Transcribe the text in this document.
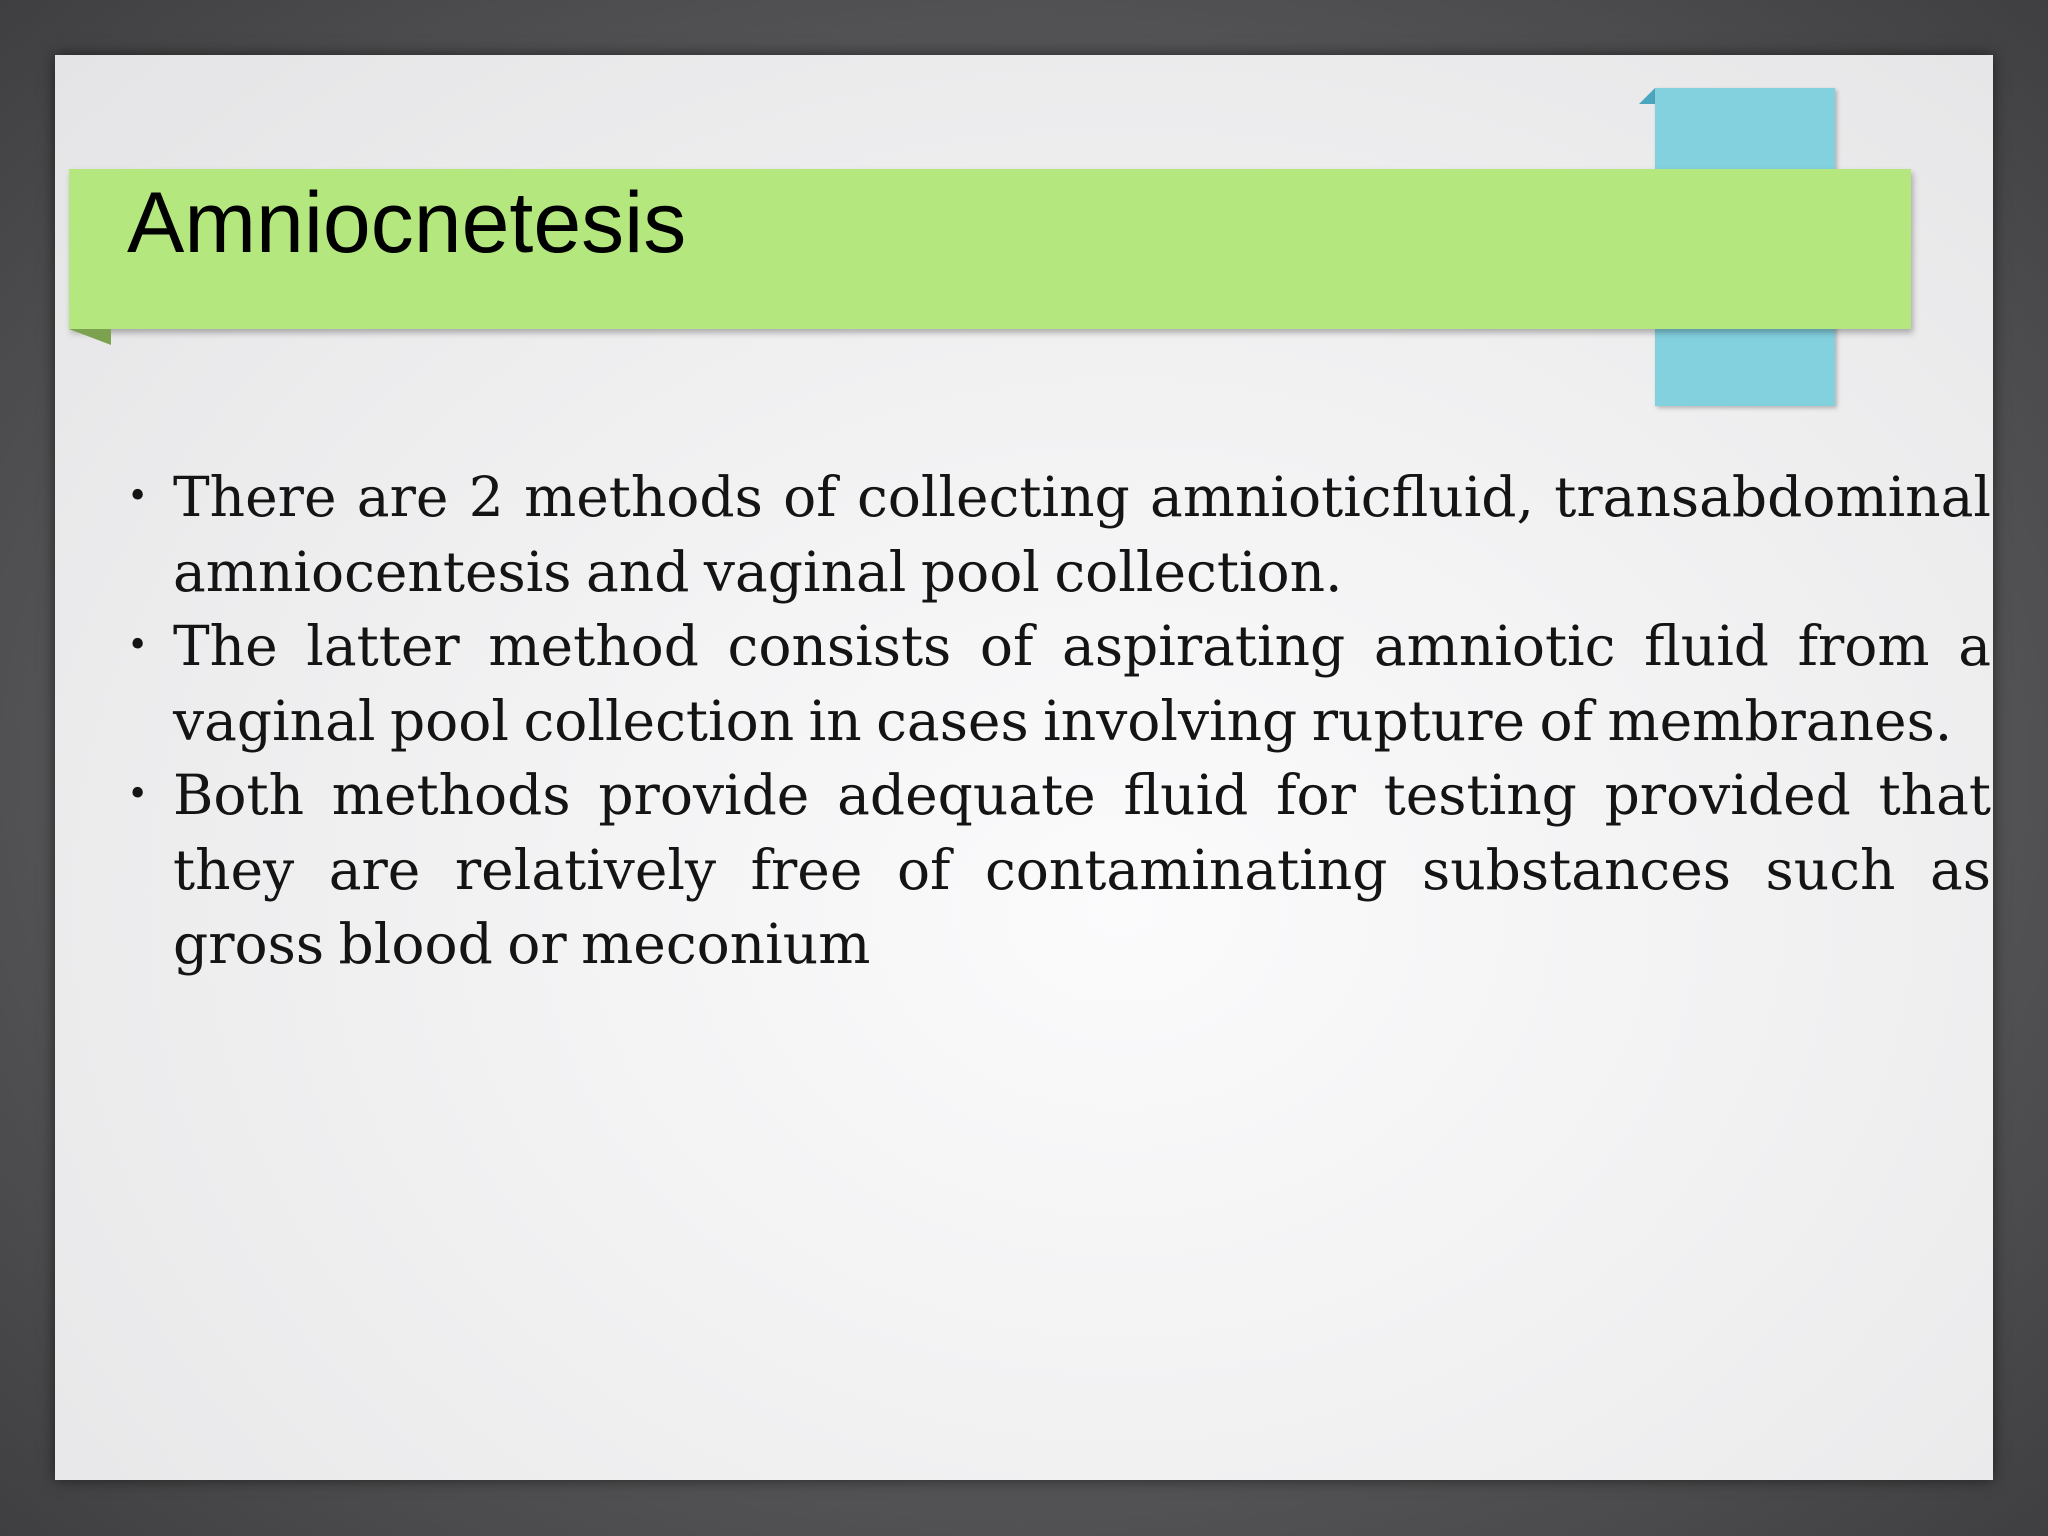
Amniocnetesis
• There are 2 methods of collecting amnioticfluid, transabdominal amniocentesis and vaginal pool collection.
• The latter method consists of aspirating amniotic fluid from a vaginal pool collection in cases involving rupture of membranes.
• Both methods provide adequate fluid for testing provided that they are relatively free of contaminating substances such as gross blood or meconium
